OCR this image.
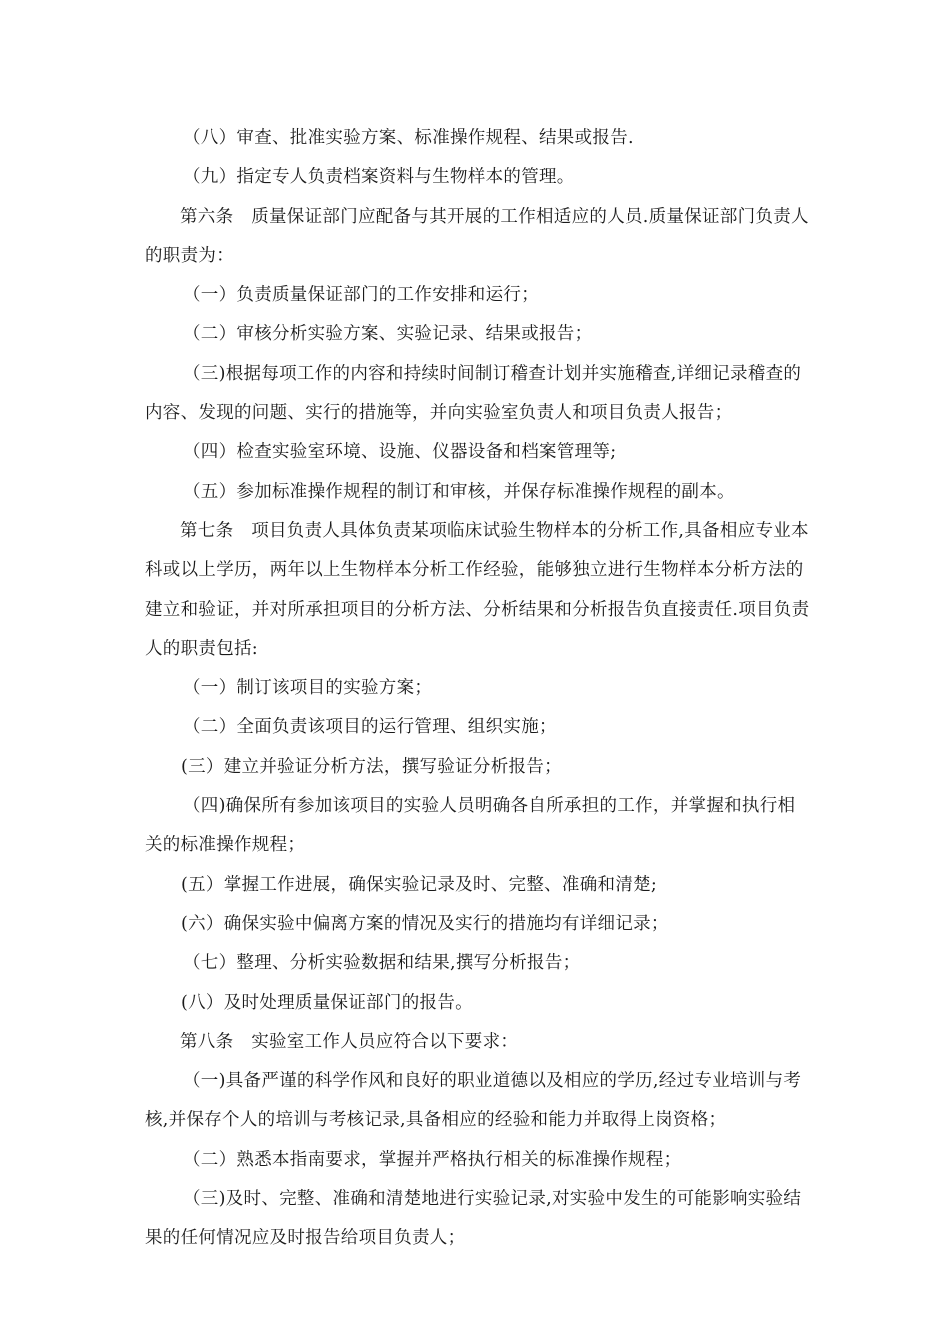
（八）审查、批准实验方案、标准操作规程、结果或报告.

（九）指定专人负责档案资料与生物样本的管理。

第六条　质量保证部门应配备与其开展的工作相适应的人员.质量保证部门负责人的职责为：

（一）负责质量保证部门的工作安排和运行；

（二）审核分析实验方案、实验记录、结果或报告；

（三)根据每项工作的内容和持续时间制订稽查计划并实施稽查,详细记录稽查的内容、发现的问题、实行的措施等，并向实验室负责人和项目负责人报告；

（四）检查实验室环境、设施、仪器设备和档案管理等;

（五）参加标准操作规程的制订和审核，并保存标准操作规程的副本。

第七条　项目负责人具体负责某项临床试验生物样本的分析工作,具备相应专业本科或以上学历，两年以上生物样本分析工作经验，能够独立进行生物样本分析方法的建立和验证，并对所承担项目的分析方法、分析结果和分析报告负直接责任.项目负责人的职责包括:

（一）制订该项目的实验方案；

（二）全面负责该项目的运行管理、组织实施；

(三）建立并验证分析方法，撰写验证分析报告；

（四)确保所有参加该项目的实验人员明确各自所承担的工作，并掌握和执行相关的标准操作规程；

(五）掌握工作进展，确保实验记录及时、完整、准确和清楚;

(六）确保实验中偏离方案的情况及实行的措施均有详细记录；

（七）整理、分析实验数据和结果,撰写分析报告；

(八）及时处理质量保证部门的报告。

第八条　实验室工作人员应符合以下要求：

（一)具备严谨的科学作风和良好的职业道德以及相应的学历,经过专业培训与考核,并保存个人的培训与考核记录,具备相应的经验和能力并取得上岗资格；

（二）熟悉本指南要求，掌握并严格执行相关的标准操作规程；

（三)及时、完整、准确和清楚地进行实验记录,对实验中发生的可能影响实验结果的任何情况应及时报告给项目负责人；
